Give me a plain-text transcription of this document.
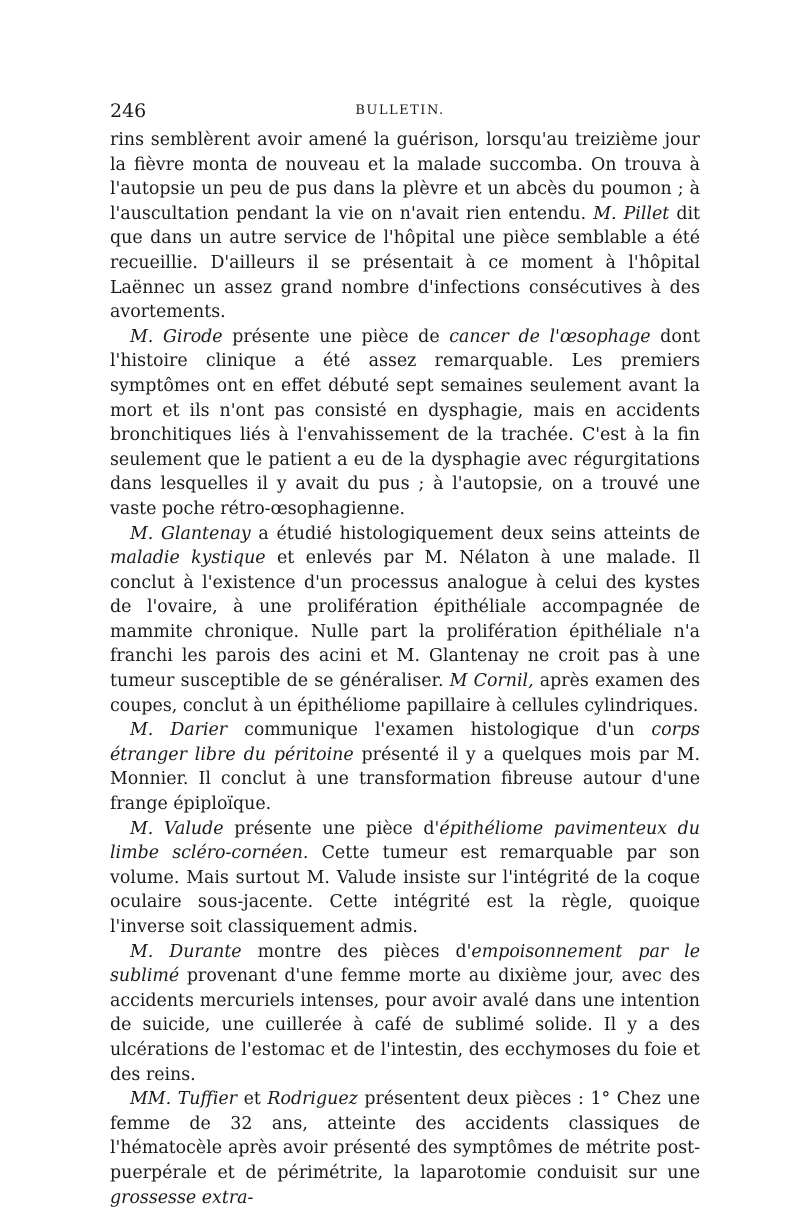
246	BULLETIN.

rins semblèrent avoir amené la guérison, lorsqu'au treizième jour la fièvre monta de nouveau et la malade succomba. On trouva à l'autopsie un peu de pus dans la plèvre et un abcès du poumon ; à l'auscultation pendant la vie on n'avait rien entendu. M. Pillet dit que dans un autre service de l'hôpital une pièce semblable a été recueillie. D'ailleurs il se présentait à ce moment à l'hôpital Laënnec un assez grand nombre d'infections consécutives à des avortements.

M. Girode présente une pièce de cancer de l'œsophage dont l'histoire clinique a été assez remarquable. Les premiers symptômes ont en effet débuté sept semaines seulement avant la mort et ils n'ont pas consisté en dysphagie, mais en accidents bronchitiques liés à l'envahissement de la trachée. C'est à la fin seulement que le patient a eu de la dysphagie avec régurgitations dans lesquelles il y avait du pus ; à l'autopsie, on a trouvé une vaste poche rétro-œsophagienne.

M. Glantenay a étudié histologiquement deux seins atteints de maladie kystique et enlevés par M. Nélaton à une malade. Il conclut à l'existence d'un processus analogue à celui des kystes de l'ovaire, à une prolifération épithéliale accompagnée de mammite chronique. Nulle part la prolifération épithéliale n'a franchi les parois des acini et M. Glantenay ne croit pas à une tumeur susceptible de se généraliser. M Cornil, après examen des coupes, conclut à un épithéliome papillaire à cellules cylindriques.

M. Darier communique l'examen histologique d'un corps étranger libre du péritoine présenté il y a quelques mois par M. Monnier. Il conclut à une transformation fibreuse autour d'une frange épiploïque.

M. Valude présente une pièce d'épithéliome pavimenteux du limbe scléro-cornéen. Cette tumeur est remarquable par son volume. Mais surtout M. Valude insiste sur l'intégrité de la coque oculaire sous-jacente. Cette intégrité est la règle, quoique l'inverse soit classiquement admis.

M. Durante montre des pièces d'empoisonnement par le sublimé provenant d'une femme morte au dixième jour, avec des accidents mercuriels intenses, pour avoir avalé dans une intention de suicide, une cuillerée à café de sublimé solide. Il y a des ulcérations de l'estomac et de l'intestin, des ecchymoses du foie et des reins.

MM. Tuffier et Rodriguez présentent deux pièces : 1° Chez une femme de 32 ans, atteinte des accidents classiques de l'hématocèle après avoir présenté des symptômes de métrite post-puerpérale et de périmétrite, la laparotomie conduisit sur une grossesse extra-
